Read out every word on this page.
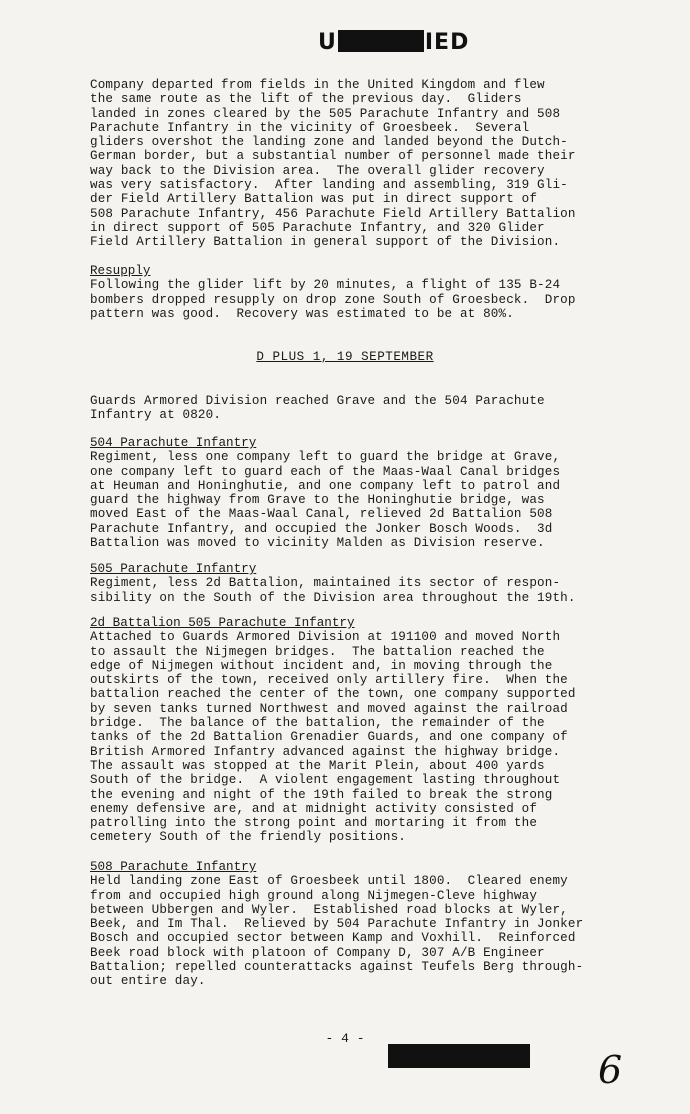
U	IED
Company departed from fields in the United Kingdom and flew
the same route as the lift of the previous day.  Gliders
landed in zones cleared by the 505 Parachute Infantry and 508
Parachute Infantry in the vicinity of Groesbeek.  Several
gliders overshot the landing zone and landed beyond the Dutch-
German border, but a substantial number of personnel made their
way back to the Division area.  The overall glider recovery
was very satisfactory.  After landing and assembling, 319 Gli-
der Field Artillery Battalion was put in direct support of
508 Parachute Infantry, 456 Parachute Field Artillery Battalion
in direct support of 505 Parachute Infantry, and 320 Glider
Field Artillery Battalion in general support of the Division.
Resupply
Following the glider lift by 20 minutes, a flight of 135 B-24
bombers dropped resupply on drop zone South of Groesbeck.  Drop
pattern was good.  Recovery was estimated to be at 80%.
D PLUS 1, 19 SEPTEMBER
Guards Armored Division reached Grave and the 504 Parachute
Infantry at 0820.
504 Parachute Infantry
Regiment, less one company left to guard the bridge at Grave,
one company left to guard each of the Maas-Waal Canal bridges
at Heuman and Honinghutie, and one company left to patrol and
guard the highway from Grave to the Honinghutie bridge, was
moved East of the Maas-Waal Canal, relieved 2d Battalion 508
Parachute Infantry, and occupied the Jonker Bosch Woods.  3d
Battalion was moved to vicinity Malden as Division reserve.
505 Parachute Infantry
Regiment, less 2d Battalion, maintained its sector of respon-
sibility on the South of the Division area throughout the 19th.
2d Battalion 505 Parachute Infantry
Attached to Guards Armored Division at 191100 and moved North
to assault the Nijmegen bridges.  The battalion reached the
edge of Nijmegen without incident and, in moving through the
outskirts of the town, received only artillery fire.  When the
battalion reached the center of the town, one company supported
by seven tanks turned Northwest and moved against the railroad
bridge.  The balance of the battalion, the remainder of the
tanks of the 2d Battalion Grenadier Guards, and one company of
British Armored Infantry advanced against the highway bridge.
The assault was stopped at the Marit Plein, about 400 yards
South of the bridge.  A violent engagement lasting throughout
the evening and night of the 19th failed to break the strong
enemy defensive are, and at midnight activity consisted of
patrolling into the strong point and mortaring it from the
cemetery South of the friendly positions.
508 Parachute Infantry
Held landing zone East of Groesbeek until 1800.  Cleared enemy
from and occupied high ground along Nijmegen-Cleve highway
between Ubbergen and Wyler.  Established road blocks at Wyler,
Beek, and Im Thal.  Relieved by 504 Parachute Infantry in Jonker
Bosch and occupied sector between Kamp and Voxhill.  Reinforced
Beek road block with platoon of Company D, 307 A/B Engineer
Battalion; repelled counterattacks against Teufels Berg through-
out entire day.
- 4 -
6
